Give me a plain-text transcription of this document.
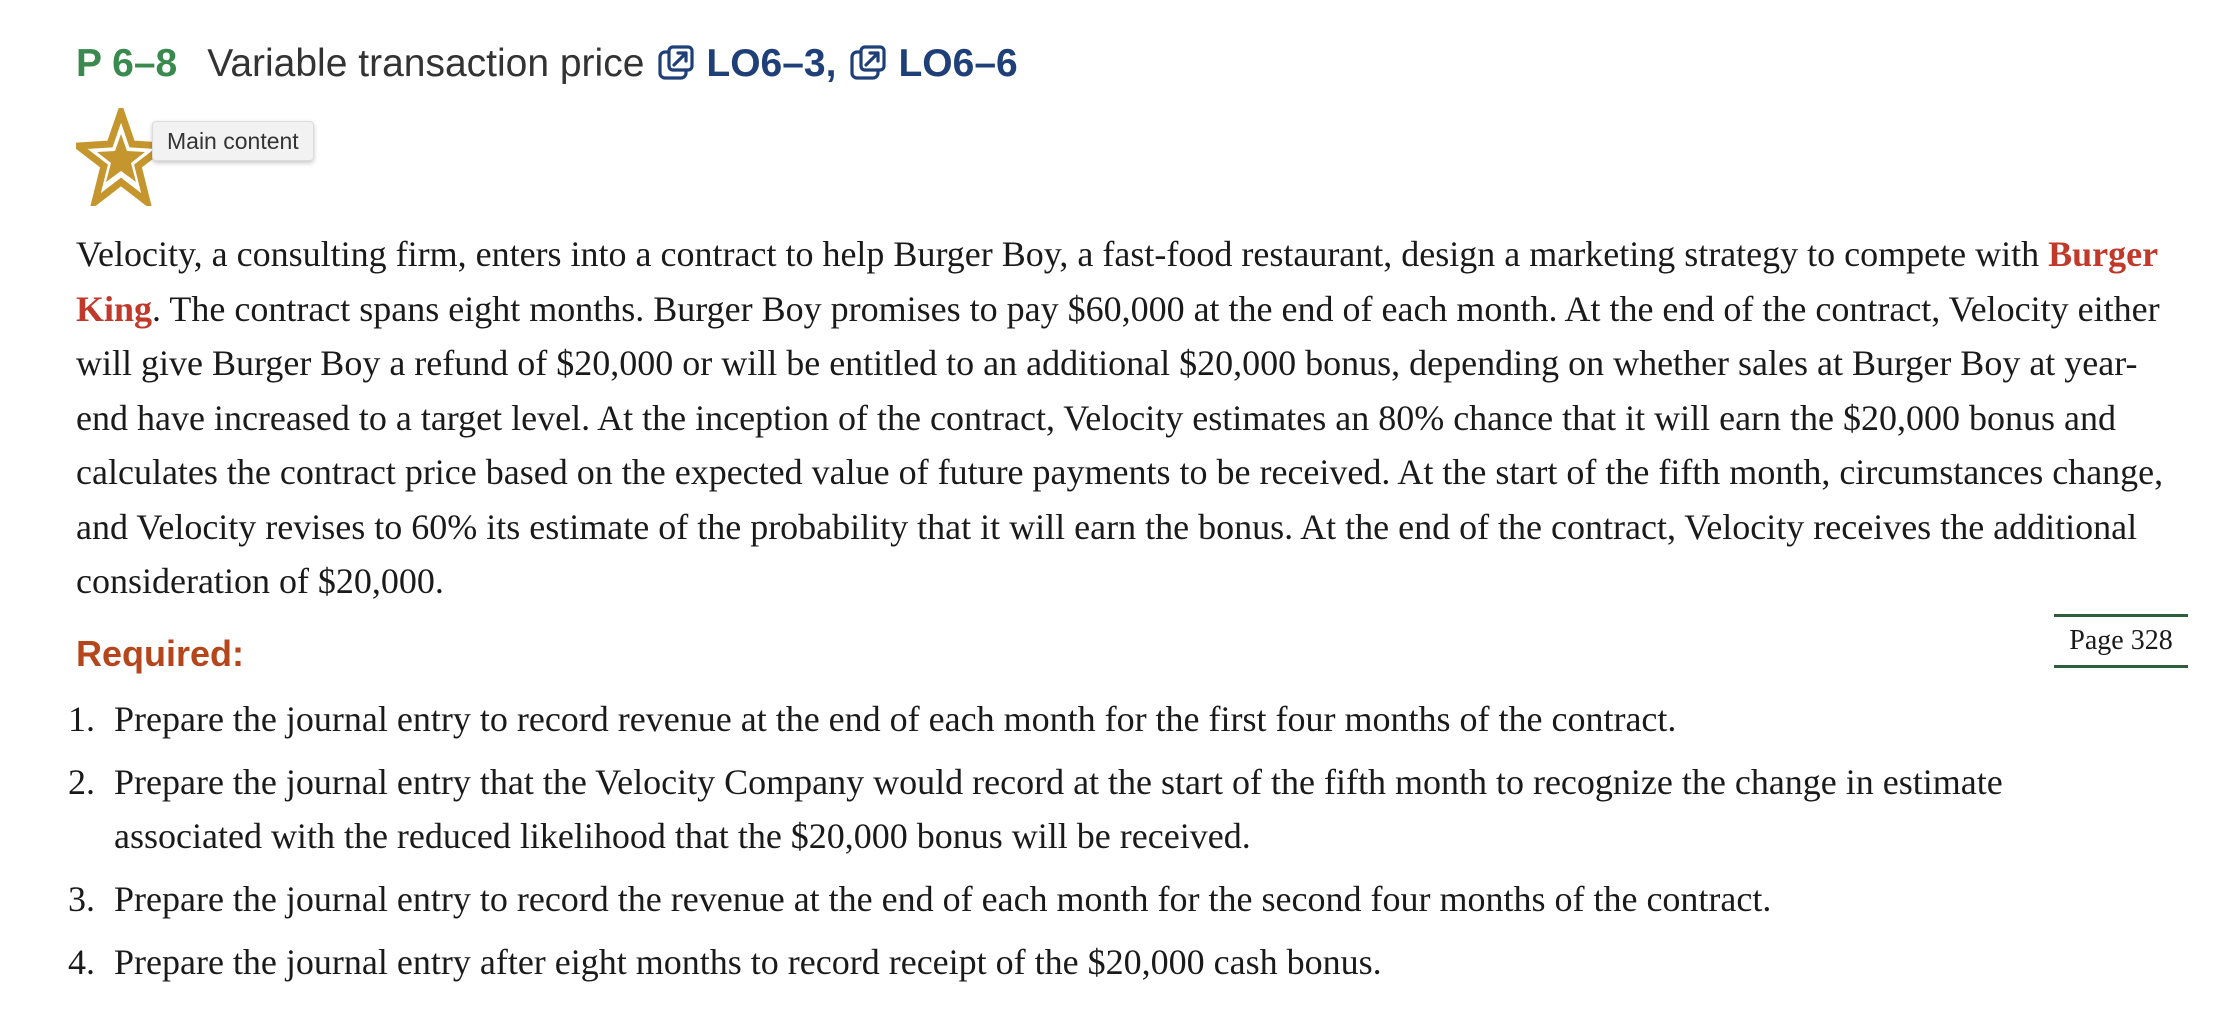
P 6–8 Variable transaction price LO6–3, LO6–6
Main content
Velocity, a consulting firm, enters into a contract to help Burger Boy, a fast-food restaurant, design a marketing strategy to compete with Burger King. The contract spans eight months. Burger Boy promises to pay $60,000 at the end of each month. At the end of the contract, Velocity either will give Burger Boy a refund of $20,000 or will be entitled to an additional $20,000 bonus, depending on whether sales at Burger Boy at year-end have increased to a target level. At the inception of the contract, Velocity estimates an 80% chance that it will earn the $20,000 bonus and calculates the contract price based on the expected value of future payments to be received. At the start of the fifth month, circumstances change, and Velocity revises to 60% its estimate of the probability that it will earn the bonus. At the end of the contract, Velocity receives the additional consideration of $20,000.
Page 328
Required:
1. Prepare the journal entry to record revenue at the end of each month for the first four months of the contract.
2. Prepare the journal entry that the Velocity Company would record at the start of the fifth month to recognize the change in estimate associated with the reduced likelihood that the $20,000 bonus will be received.
3. Prepare the journal entry to record the revenue at the end of each month for the second four months of the contract.
4. Prepare the journal entry after eight months to record receipt of the $20,000 cash bonus.
